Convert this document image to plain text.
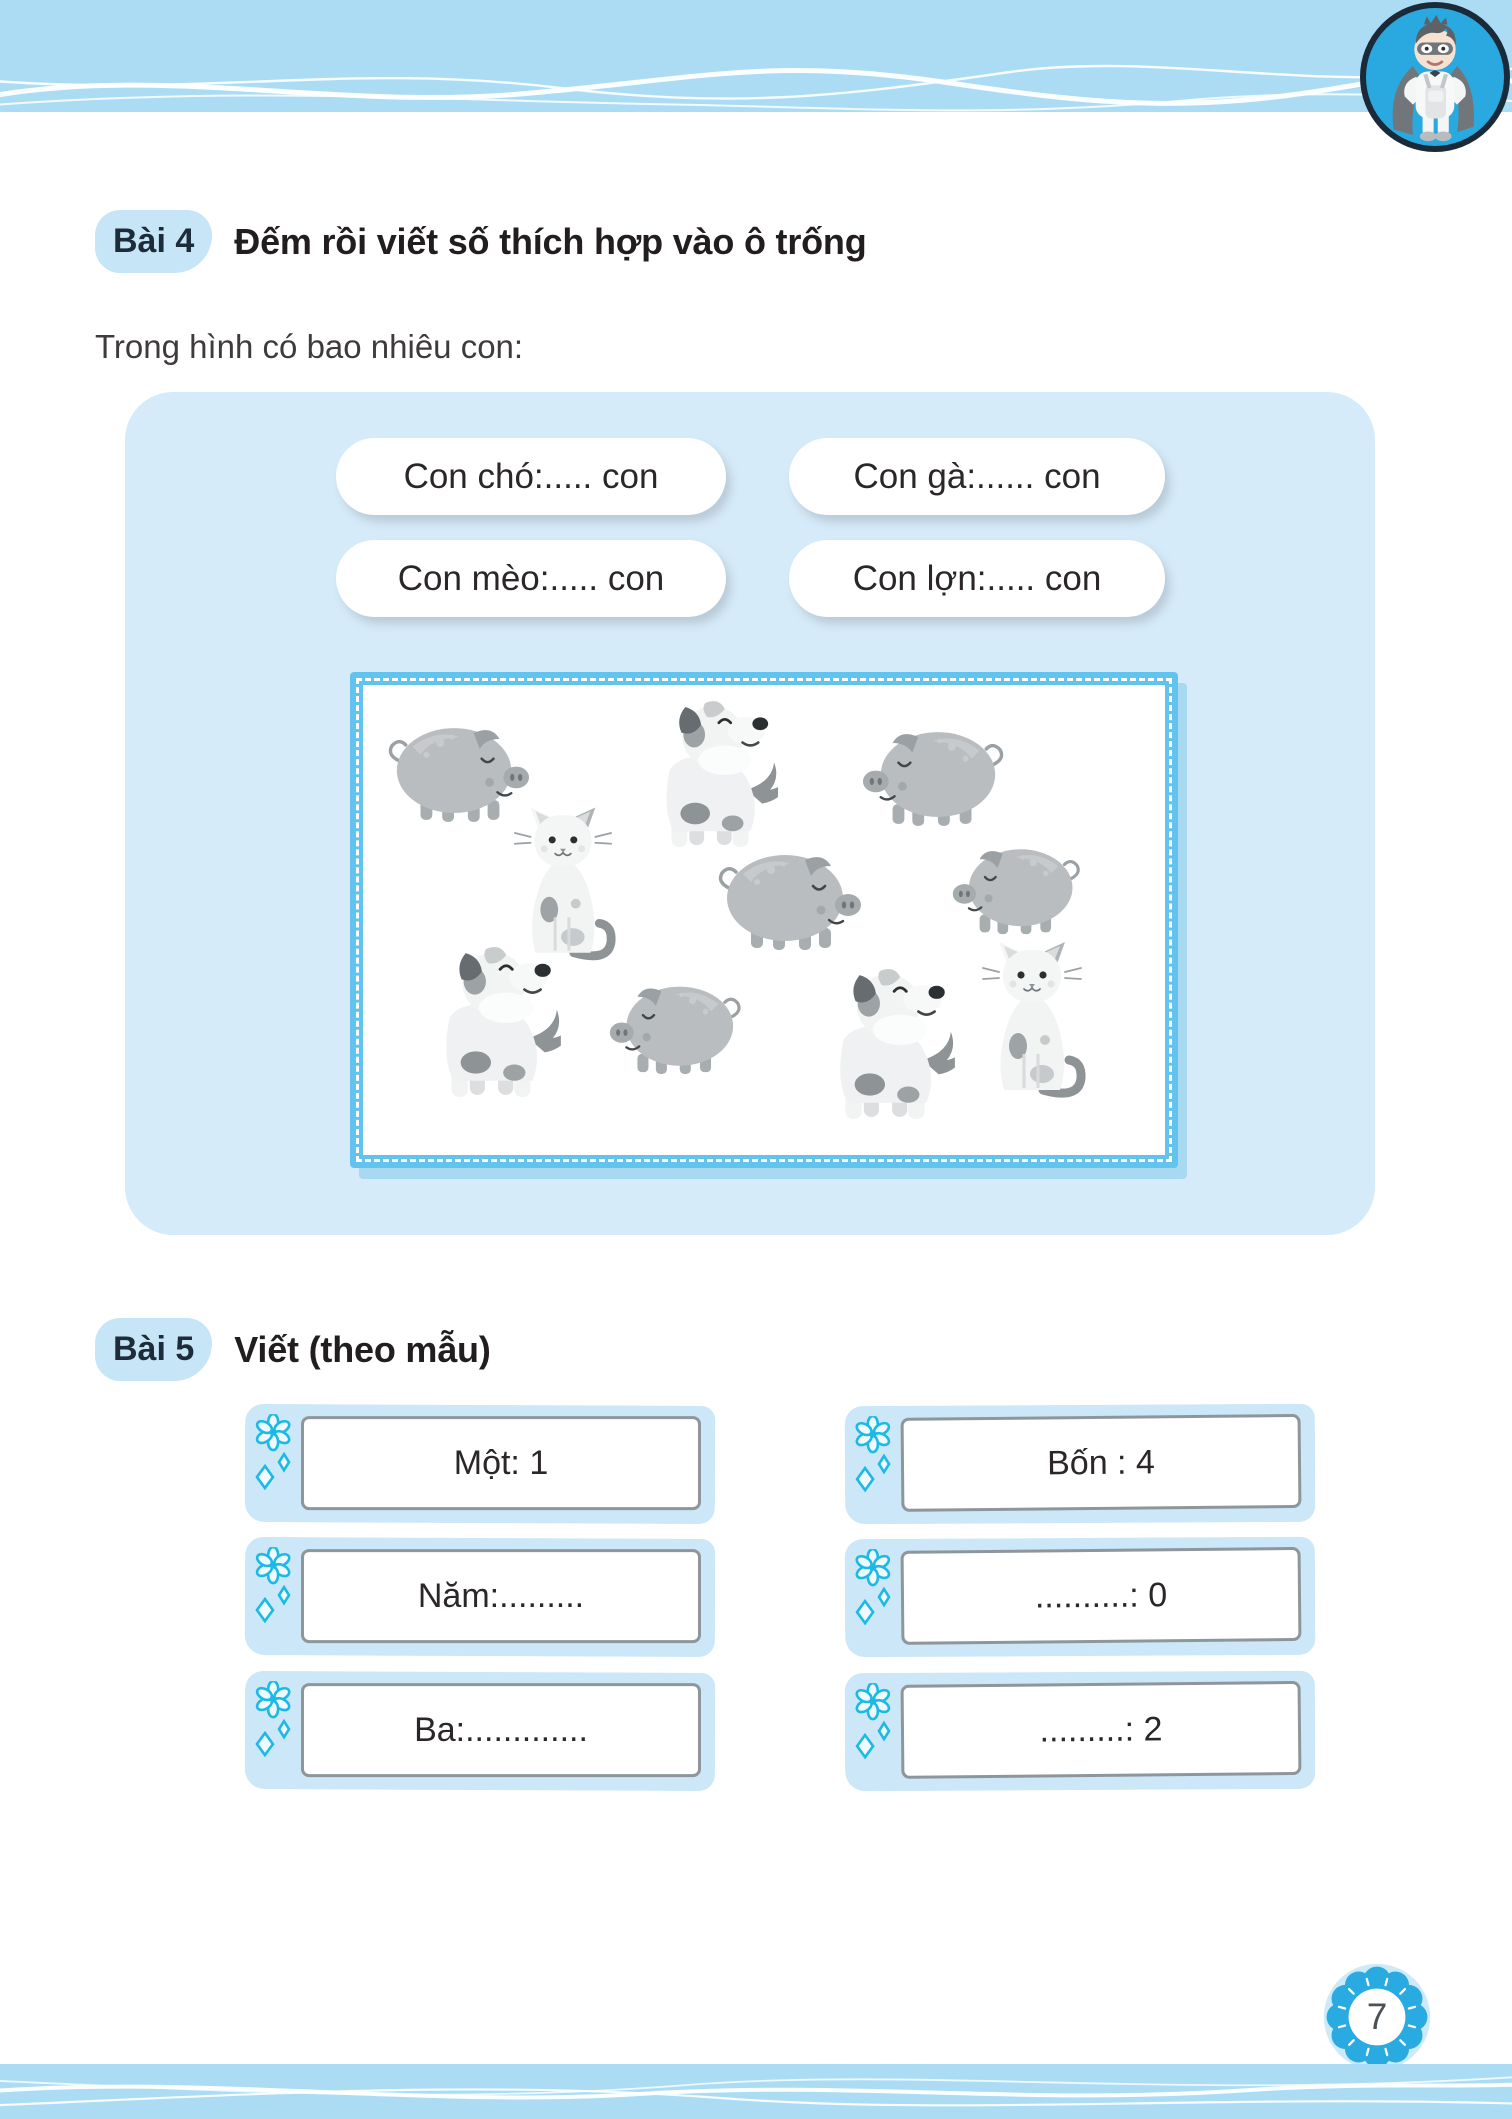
Bài 4	Đếm rồi viết số thích hợp vào ô trống

Trong hình có bao nhiêu con:

Con chó:..... con	Con gà:...... con
Con mèo:..... con	Con lợn:..... con
Bài 5	Viết (theo mẫu)
Một: 1	Bốn : 4
Năm:.........	..........: 0
Ba:.............	.........: 2
7
